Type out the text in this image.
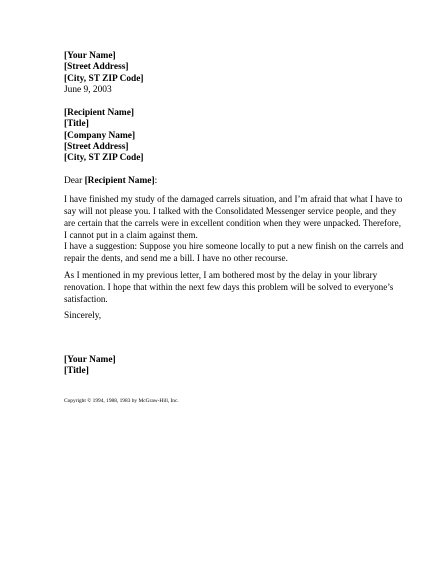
[Your Name]
[Street Address]
[City, ST ZIP Code]
June 9, 2003
[Recipient Name]
[Title]
[Company Name]
[Street Address]
[City, ST ZIP Code]
Dear [Recipient Name]:

I have finished my study of the damaged carrels situation, and I’m afraid that what I have to say will not please you. I talked with the Consolidated Messenger service people, and they are certain that the carrels were in excellent condition when they were unpacked. Therefore, I cannot put in a claim against them.

I have a suggestion: Suppose you hire someone locally to put a new finish on the carrels and repair the dents, and send me a bill. I have no other recourse.

As I mentioned in my previous letter, I am bothered most by the delay in your library renovation. I hope that within the next few days this problem will be solved to everyone’s satisfaction.

Sincerely,
[Your Name]
[Title]
Copyright © 1994, 1988, 1983 by McGraw-Hill, Inc.
